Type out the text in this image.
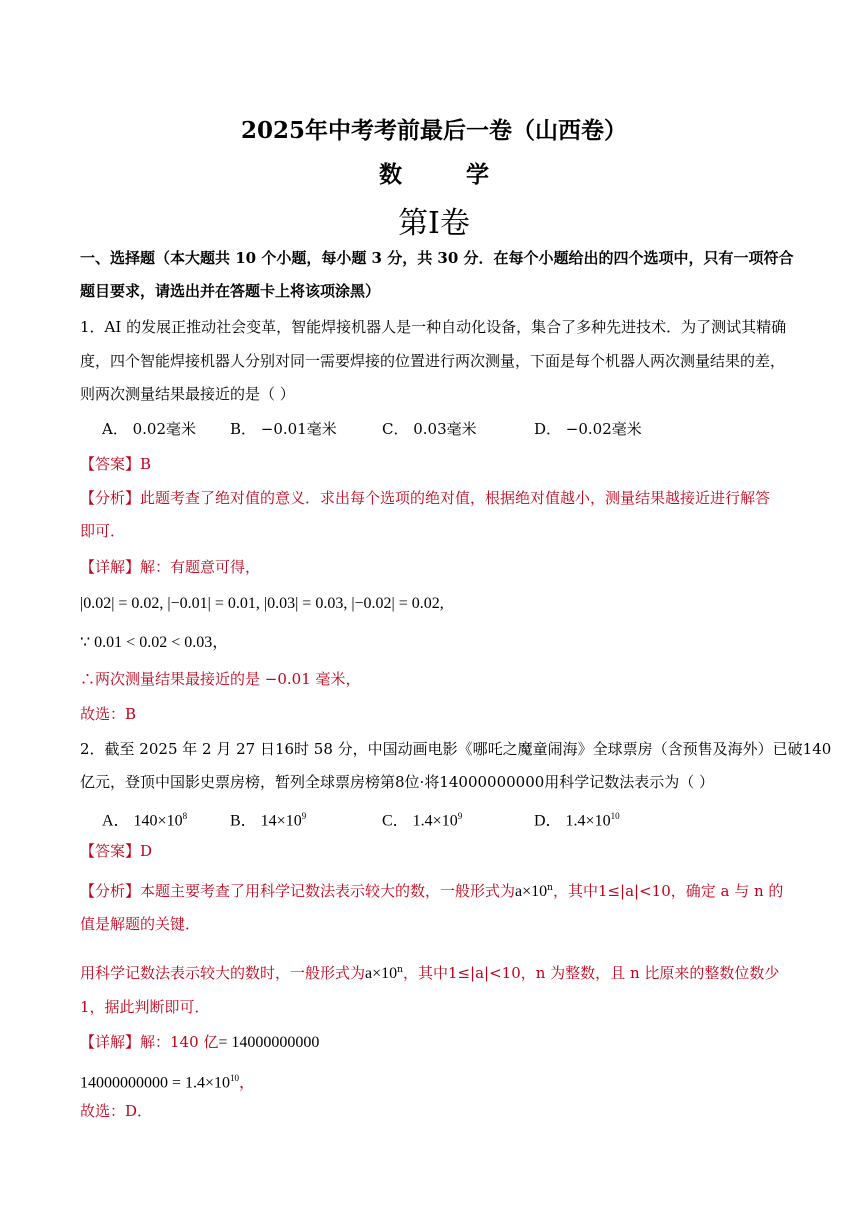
2025年中考考前最后一卷（山西卷）
数 学
第I卷
一、选择题（本大题共 10 个小题，每小题 3 分，共 30 分．在每个小题给出的四个选项中，只有一项符合
题目要求，请选出并在答题卡上将该项涂黑）
1．AI 的发展正推动社会变革，智能焊接机器人是一种自动化设备，集合了多种先进技术．为了测试其精确
度，四个智能焊接机器人分别对同一需要焊接的位置进行两次测量，下面是每个机器人两次测量结果的差，
则两次测量结果最接近的是（ ）
A． 0.02毫米 B． −0.01毫米	C． 0.03毫米	D． −0.02毫米
【答案】B
【分析】此题考查了绝对值的意义．求出每个选项的绝对值，根据绝对值越小，测量结果越接近进行解答
即可．
【详解】解：有题意可得，
|0.02| = 0.02, |−0.01| = 0.01, |0.03| = 0.03, |−0.02| = 0.02,
∵ 0.01 < 0.02 < 0.03，
∴两次测量结果最接近的是 −0.01 毫米，
故选：B
2．截至 2025 年 2 月 27 日16时 58 分，中国动画电影《哪吒之魔童闹海》全球票房（含预售及海外）已破140
亿元，登顶中国影史票房榜，暂列全球票房榜第8位·将14000000000用科学记数法表示为（ ）
A． $140\times 10^8$	B． $14\times 10^9$	C． $1.4\times 10^9$	D． $1.4\times 10^{10}$
【答案】D
【分析】本题主要考查了用科学记数法表示较大的数，一般形式为$a\times 10^n$，其中1≤|a|<10，确定 a 与 n 的
值是解题的关键．
用科学记数法表示较大的数时，一般形式为$a\times 10^n$，其中1≤|a|<10，n 为整数，且 n 比原来的整数位数少
1，据此判断即可．
【详解】解：140 亿= 14000000000
$14000000000 = 1.4\times 10^{10}$，
故选：D．
